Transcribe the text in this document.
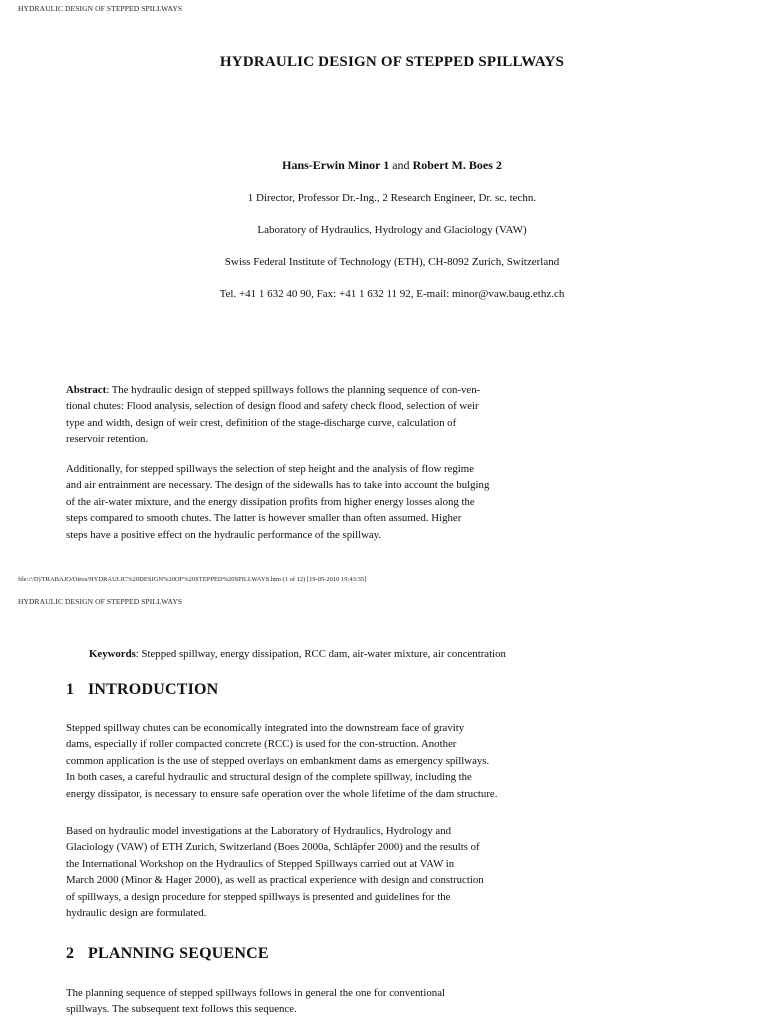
HYDRAULIC DESIGN OF STEPPED SPILLWAYS
HYDRAULIC DESIGN OF STEPPED SPILLWAYS
Hans-Erwin Minor 1 and Robert M. Boes 2
1 Director, Professor Dr.-Ing., 2 Research Engineer, Dr. sc. techn.
Laboratory of Hydraulics, Hydrology and Glaciology (VAW)
Swiss Federal Institute of Technology (ETH), CH-8092 Zurich, Switzerland
Tel. +41 1 632 40 90, Fax: +41 1 632 11 92, E-mail: minor@vaw.baug.ethz.ch
Abstract: The hydraulic design of stepped spillways follows the planning sequence of con-ven-
tional chutes: Flood analysis, selection of design flood and safety check flood, selection of weir
type and width, design of weir crest, definition of the stage-discharge curve, calculation of
reservoir retention.
Additionally, for stepped spillways the selection of step height and the analysis of flow regime
and air entrainment are necessary. The design of the sidewalls has to take into account the bulging
of the air-water mixture, and the energy dissipation profits from higher energy losses along the
steps compared to smooth chutes. The latter is however smaller than often assumed. Higher
steps have a positive effect on the hydraulic performance of the spillway.
file:///D|/TRABAJO/Otros/HYDRAULIC%20DESIGN%20OF%20STEPPED%20SPILLWAYS.htm (1 of 12) [19-05-2010 19:43:35]
HYDRAULIC DESIGN OF STEPPED SPILLWAYS
Keywords: Stepped spillway, energy dissipation, RCC dam, air-water mixture, air concentration
1 INTRODUCTION
Stepped spillway chutes can be economically integrated into the downstream face of gravity
dams, especially if roller compacted concrete (RCC) is used for the con-struction. Another
common application is the use of stepped overlays on embankment dams as emergency spillways.
In both cases, a careful hydraulic and structural design of the complete spillway, including the
energy dissipator, is necessary to ensure safe operation over the whole lifetime of the dam structure.
Based on hydraulic model investigations at the Laboratory of Hydraulics, Hydrology and
Glaciology (VAW) of ETH Zurich, Switzerland (Boes 2000a, Schläpfer 2000) and the results of
the International Workshop on the Hydraulics of Stepped Spillways carried out at VAW in
March 2000 (Minor & Hager 2000), as well as practical experience with design and construction
of spillways, a design procedure for stepped spillways is presented and guidelines for the
hydraulic design are formulated.
2 PLANNING SEQUENCE
The planning sequence of stepped spillways follows in general the one for conventional
spillways. The subsequent text follows this sequence.
